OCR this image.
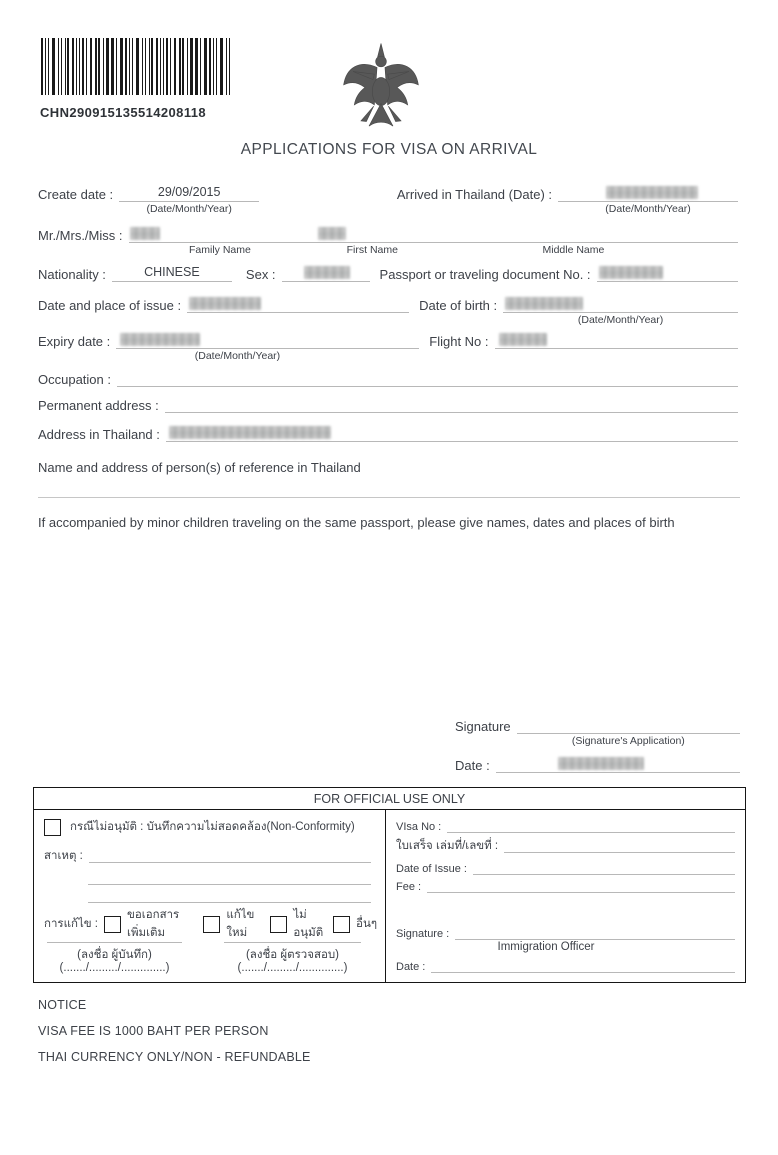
CHN290915135514208118
APPLICATIONS FOR VISA ON ARRIVAL
Create date :	29/09/2015
(Date/Month/Year)
Arrived in Thailand (Date) :
(Date/Month/Year)
Mr./Mrs./Miss :
Family Name	First Name	Middle Name
Nationality :	CHINESE	Sex :	Passport or traveling document No. :
Date and place of issue :	Date of birth :
(Date/Month/Year)
Expiry date :
(Date/Month/Year)
Flight No :
Occupation :
Permanent address :
Address in Thailand :
Name and address of person(s) of reference in Thailand
If accompanied by minor children traveling on the same passport, please give names, dates and places of birth
Signature
(Signature's Application)
Date :
FOR OFFICIAL USE ONLY
กรณีไม่อนุมัติ : บันทึกความไม่สอดคล้อง(Non-Conformity)
สาเหตุ :
การแก้ไข :
ขอเอกสารเพิ่มเติม
แก้ไขใหม่
ไม่อนุมัติ
อื่นๆ
(ลงชื่อ ผู้บันทึก)	(ลงชื่อ ผู้ตรวจสอบ)
(......./........./..............)	(......./........./..............)
VIsa No :
ใบเสร็จ เล่มที่/เลขที่ :
Date of Issue :
Fee :
Signature :
Immigration Officer
Date :
NOTICE
VISA FEE IS 1000 BAHT PER PERSON
THAI CURRENCY ONLY/NON - REFUNDABLE
